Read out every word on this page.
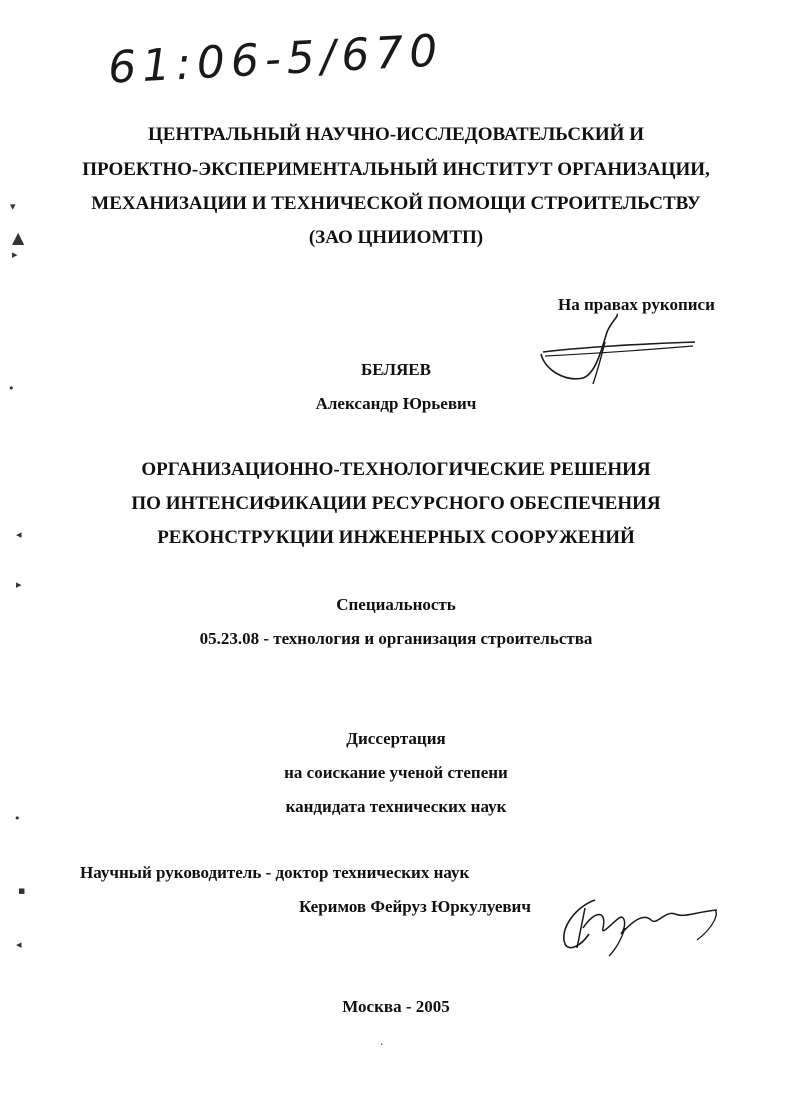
61:06-5/670
ЦЕНТРАЛЬНЫЙ НАУЧНО-ИССЛЕДОВАТЕЛЬСКИЙ И
ПРОЕКТНО-ЭКСПЕРИМЕНТАЛЬНЫЙ ИНСТИТУТ ОРГАНИЗАЦИИ,
МЕХАНИЗАЦИИ И ТЕХНИЧЕСКОЙ ПОМОЩИ СТРОИТЕЛЬСТВУ
(ЗАО ЦНИИОМТП)
На правах рукописи
БЕЛЯЕВ
Александр Юрьевич
ОРГАНИЗАЦИОННО-ТЕХНОЛОГИЧЕСКИЕ РЕШЕНИЯ
ПО ИНТЕНСИФИКАЦИИ РЕСУРСНОГО ОБЕСПЕЧЕНИЯ
РЕКОНСТРУКЦИИ ИНЖЕНЕРНЫХ СООРУЖЕНИЙ
Специальность
05.23.08 - технология и организация строительства
Диссертация
на соискание ученой степени
кандидата технических наук
Научный руководитель - доктор технических наук
Керимов Фейруз Юркулуевич
Москва - 2005
▾
▲
▸
•
◂
▸
•
▪
◂
·
